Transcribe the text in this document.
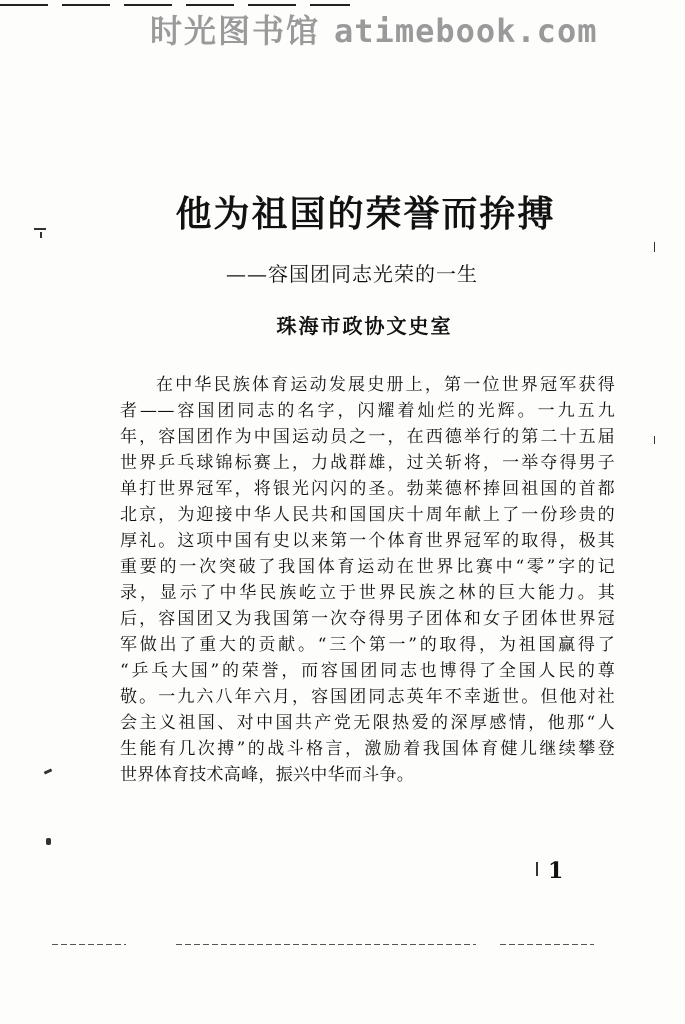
时光图书馆 atimebook.com
他为祖国的荣誉而拚搏
——容国团同志光荣的一生
珠海市政协文史室
在中华民族体育运动发展史册上，第一位世界冠军获得
者——容国团同志的名字，闪耀着灿烂的光辉。一九五九
年，容国团作为中国运动员之一，在西德举行的第二十五届
世界乒乓球锦标赛上，力战群雄，过关斩将，一举夺得男子
单打世界冠军，将银光闪闪的圣。勃莱德杯捧回祖国的首都
北京，为迎接中华人民共和国国庆十周年献上了一份珍贵的
厚礼。这项中国有史以来第一个体育世界冠军的取得，极其
重要的一次突破了我国体育运动在世界比赛中“零”字的记
录，显示了中华民族屹立于世界民族之林的巨大能力。其
后，容国团又为我国第一次夺得男子团体和女子团体世界冠
军做出了重大的贡献。“三个第一”的取得，为祖国赢得了
“乒乓大国”的荣誉，而容国团同志也博得了全国人民的尊
敬。一九六八年六月，容国团同志英年不幸逝世。但他对社
会主义祖国、对中国共产党无限热爱的深厚感情，他那“人
生能有几次搏”的战斗格言，激励着我国体育健儿继续攀登
世界体育技术高峰，振兴中华而斗争。
1
